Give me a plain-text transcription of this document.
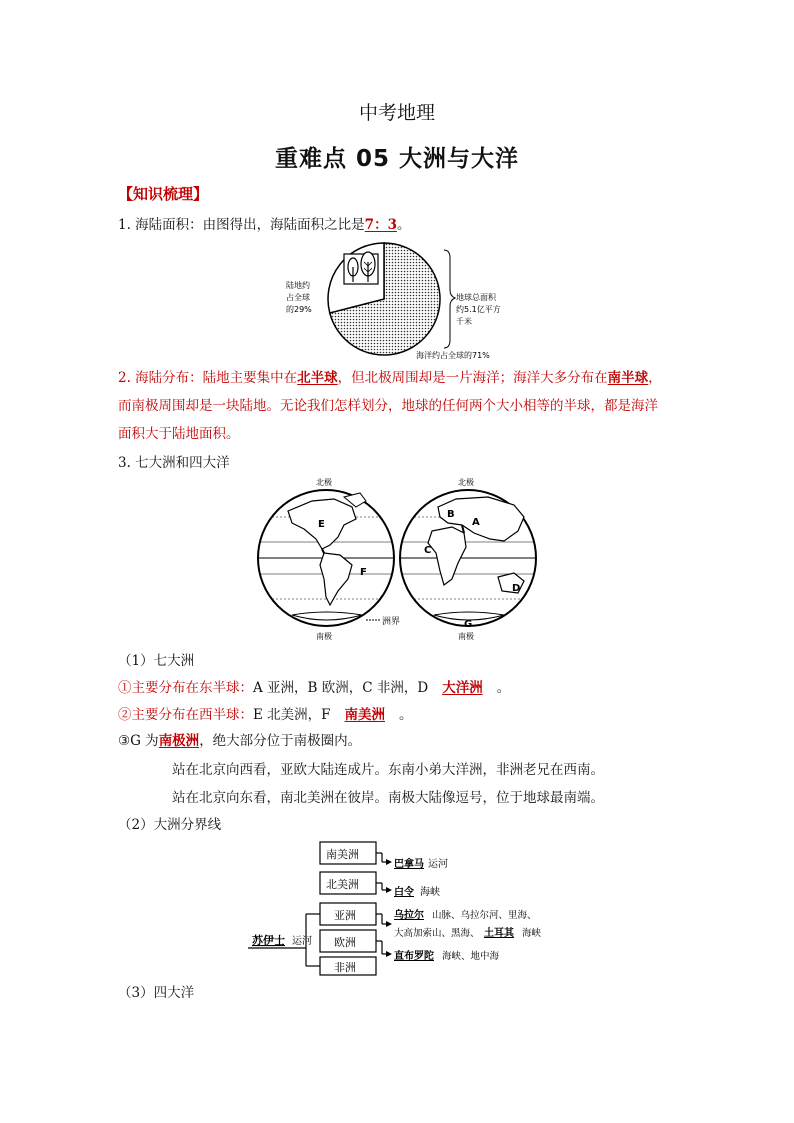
中考地理
重难点 05 大洲与大洋
【知识梳理】
1. 海陆面积：由图得出，海陆面积之比是7：3。
陆地约
占全球
的29%
地球总面积
约5.1亿平方
千米
海洋约占全球的71%
2. 海陆分布：陆地主要集中在北半球，但北极周围却是一片海洋；海洋大多分布在南半球，
而南极周围却是一块陆地。无论我们怎样划分，地球的任何两个大小相等的半球，都是海洋
面积大于陆地面积。
3. 七大洲和四大洋
洲界
北极	北极
南极	南极
E
F
A
B
C
D
G
（1）七大洲
①主要分布在东半球：A 亚洲，B 欧洲，C 非洲，D 大洋洲 。
②主要分布在西半球：E 北美洲，F 南美洲 。
③G 为南极洲，绝大部分位于南极圈内。
站在北京向西看，亚欧大陆连成片。东南小弟大洋洲，非洲老兄在西南。
站在北京向东看，南北美洲在彼岸。南极大陆像逗号，位于地球最南端。
（2）大洲分界线
南美洲
北美洲
亚洲
欧洲
非洲
苏伊士 运河
巴拿马 运河
白令 海峡
乌拉尔 山脉、乌拉尔河、里海、
大高加索山、黑海、 土耳其 海峡
直布罗陀 海峡、地中海
（3）四大洋
